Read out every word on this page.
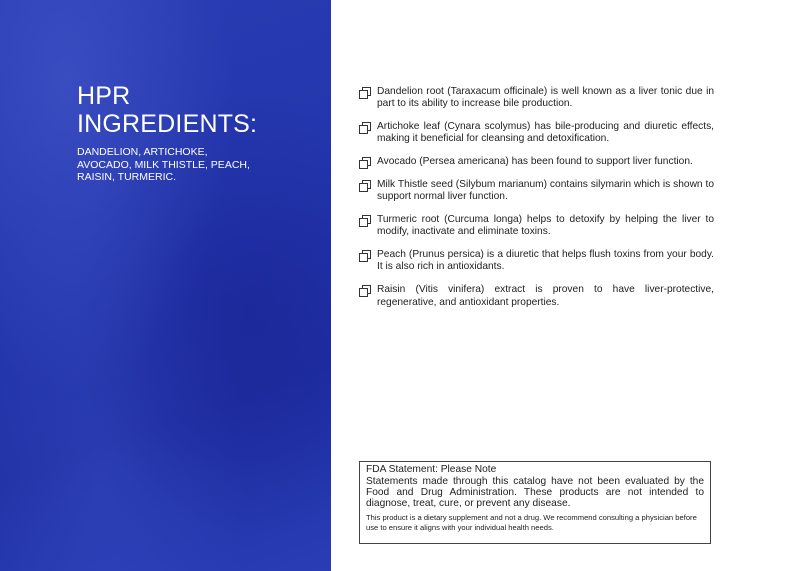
HPR
INGREDIENTS:
DANDELION, ARTICHOKE, AVOCADO, MILK THISTLE, PEACH, RAISIN, TURMERIC.
Dandelion root (Taraxacum officinale) is well known as a liver tonic due in part to its ability to increase bile production.
Artichoke leaf (Cynara scolymus) has bile-producing and diuretic effects, making it beneficial for cleansing and detoxification.
Avocado (Persea americana) has been found to support liver function.
Milk Thistle seed (Silybum marianum) contains silymarin which is shown to support normal liver function.
Turmeric root (Curcuma longa) helps to detoxify by helping the liver to modify, inactivate and eliminate toxins.
Peach (Prunus persica) is a diuretic that helps flush toxins from your body. It is also rich in antioxidants.
Raisin (Vitis vinifera) extract is proven to have liver-protective, regenerative, and antioxidant properties.
FDA Statement: Please Note
Statements made through this catalog have not been evaluated by the Food and Drug Administration. These products are not intended to diagnose, treat, cure, or prevent any disease.
This product is a dietary supplement and not a drug. We recommend consulting a physician before use to ensure it aligns with your individual health needs.
